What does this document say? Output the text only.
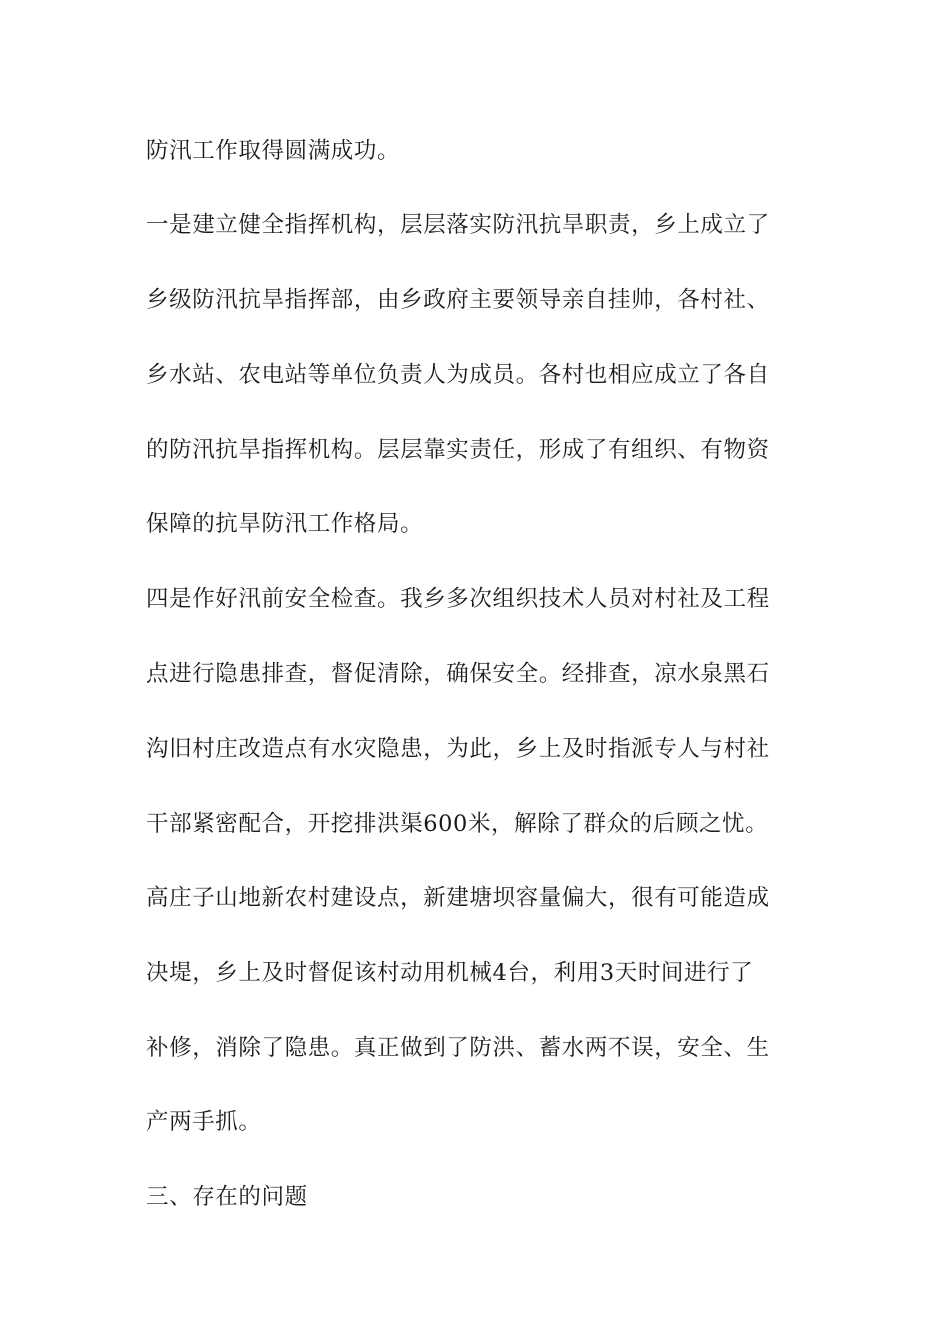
防汛工作取得圆满成功。
一是建立健全指挥机构，层层落实防汛抗旱职责，乡上成立了
乡级防汛抗旱指挥部，由乡政府主要领导亲自挂帅，各村社、
乡水站、农电站等单位负责人为成员。各村也相应成立了各自
的防汛抗旱指挥机构。层层靠实责任，形成了有组织、有物资
保障的抗旱防汛工作格局。
四是作好汛前安全检查。我乡多次组织技术人员对村社及工程
点进行隐患排查，督促清除，确保安全。经排查，凉水泉黑石
沟旧村庄改造点有水灾隐患，为此，乡上及时指派专人与村社
干部紧密配合，开挖排洪渠600米，解除了群众的后顾之忧。
高庄子山地新农村建设点，新建塘坝容量偏大，很有可能造成
决堤，乡上及时督促该村动用机械4台，利用3天时间进行了
补修，消除了隐患。真正做到了防洪、蓄水两不误，安全、生
产两手抓。
三、存在的问题
